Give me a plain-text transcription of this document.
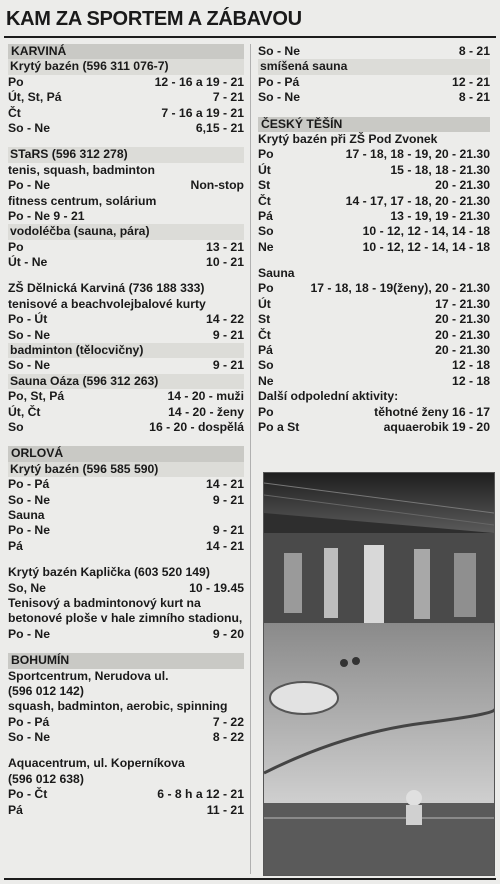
KAM ZA SPORTEM A ZÁBAVOU
KARVINÁ
Krytý bazén (596 311 076-7)
Po	12 - 16 a 19 - 21
Út, St, Pá	7 - 21
Čt	7 - 16 a 19 - 21
So - Ne	6,15 - 21
STaRS (596 312 278)
tenis, squash, badminton
Po - Ne	Non-stop
fitness centrum, solárium
Po - Ne 9 - 21
vodoléčba (sauna, pára)
Po	13 - 21
Út - Ne	10 - 21
ZŠ Dělnická Karviná (736 188 333) tenisové a beachvolejbalové kurty
Po - Út	14 - 22
So - Ne	9 - 21
badminton (tělocvičny)
So - Ne	9 - 21
Sauna Oáza (596 312 263)
Po, St, Pá	14 - 20 - muži
Út, Čt	14 - 20 - ženy
So	16 - 20 - dospělá
ORLOVÁ
Krytý bazén (596 585 590)
Po - Pá	14 - 21
So - Ne	9 - 21
Sauna
Po - Ne	9 - 21
Pá	14 - 21
Krytý bazén Kaplička (603 520 149)
So, Ne	10 - 19.45
Tenisový a badmintonový kurt na betonové ploše v hale zimního stadionu,
Po - Ne	9 - 20
BOHUMÍN
Sportcentrum, Nerudova ul.
(596 012 142)
squash, badminton, aerobic, spinning
Po - Pá	7 - 22
So - Ne	8 - 22
Aquacentrum, ul. Koperníkova
(596 012 638)
Po - Čt	6 - 8 h a 12 - 21
Pá	11 - 21
So - Ne	8 - 21
smíšená sauna
Po - Pá	12 - 21
So - Ne	8 - 21
ČESKÝ TĚŠÍN
Krytý bazén při ZŠ Pod Zvonek
Po	17 - 18, 18 - 19, 20 - 21.30
Út	15 - 18, 18 - 21.30
St	20 - 21.30
Čt	14 - 17, 17 - 18, 20 - 21.30
Pá	13 - 19, 19 - 21.30
So	10 - 12, 12 - 14, 14 - 18
Ne	10 - 12, 12 - 14, 14 - 18
Sauna
Po	17 - 18, 18 - 19(ženy), 20 - 21.30
Út	17 - 21.30
St	20 - 21.30
Čt	20 - 21.30
Pá	20 - 21.30
So	12 - 18
Ne	12 - 18
Další odpolední aktivity:
Po	těhotné ženy 16 - 17
Po a St	aquaerobik 19 - 20
